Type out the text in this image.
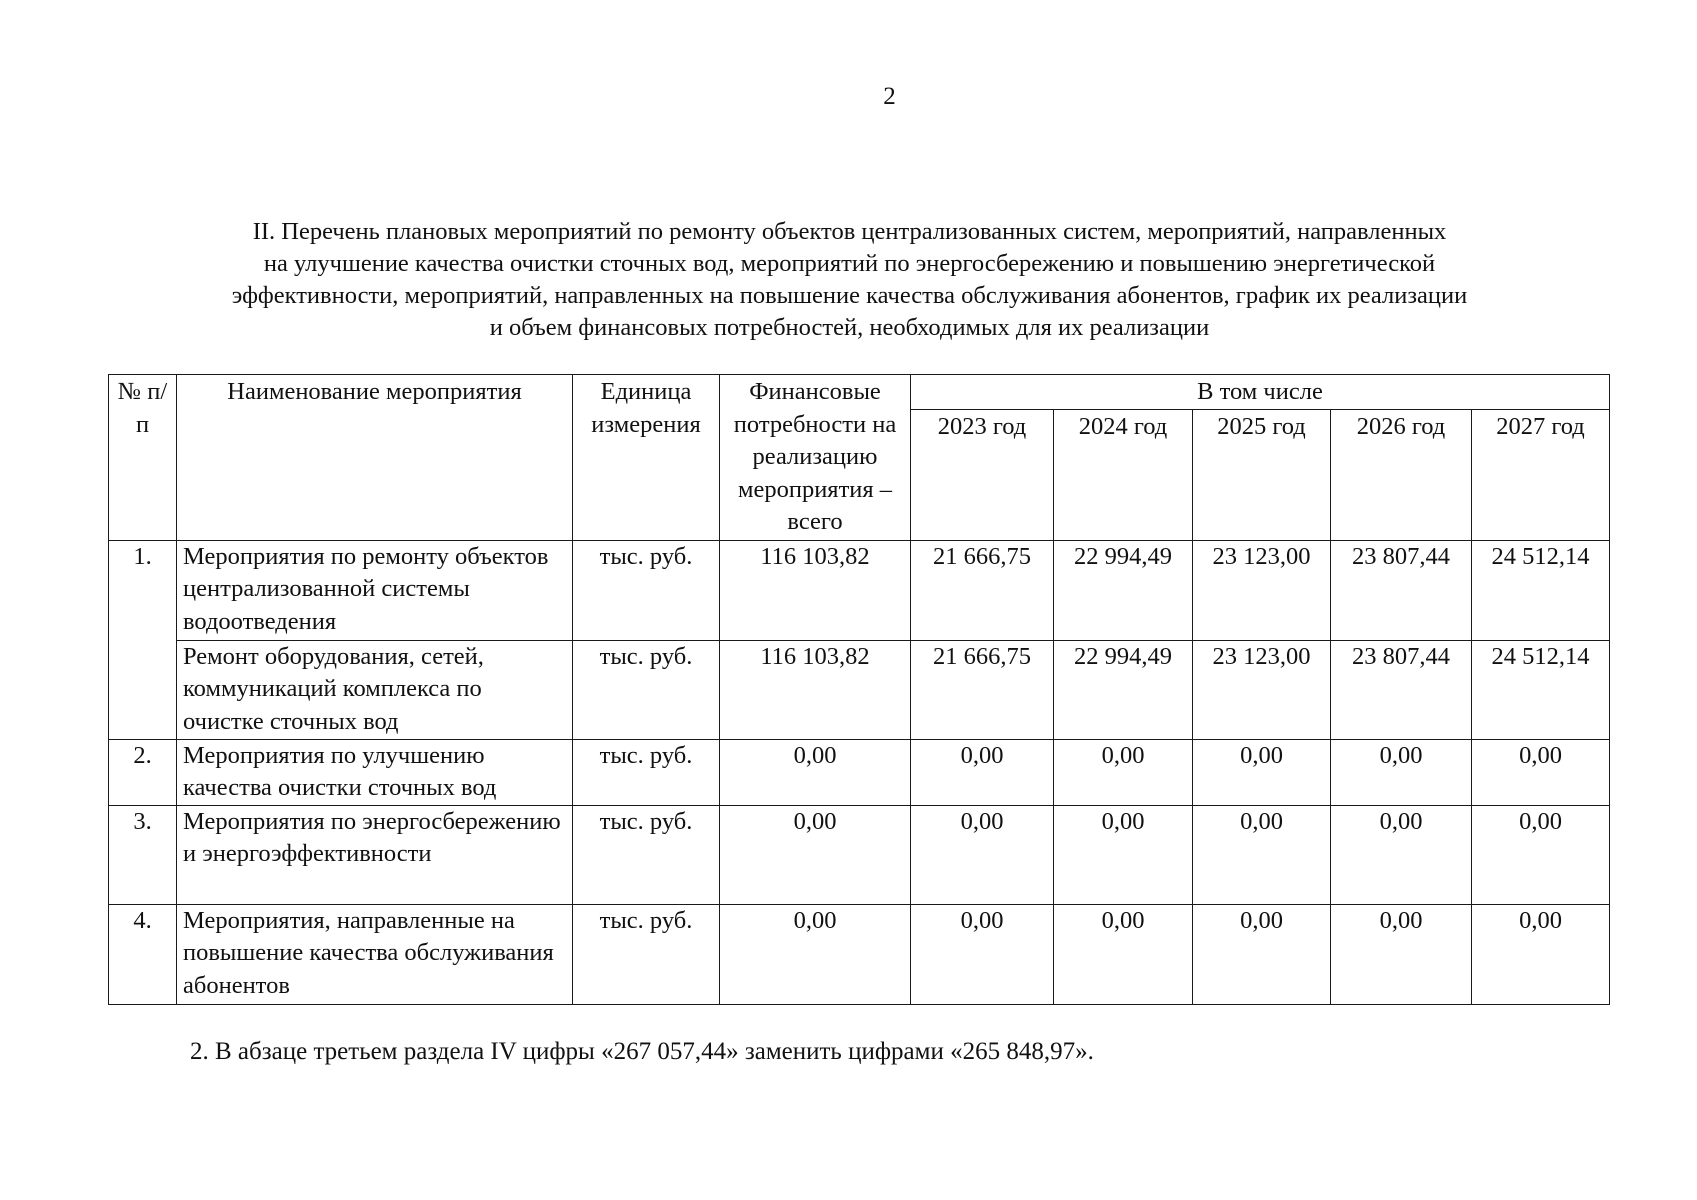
2
II. Перечень плановых мероприятий по ремонту объектов централизованных систем, мероприятий, направленных
на улучшение качества очистки сточных вод, мероприятий по энергосбережению и повышению энергетической
эффективности, мероприятий, направленных на повышение качества обслуживания абонентов, график их реализации
и объем финансовых потребностей, необходимых для их реализации
№ п/п	Наименование мероприятия	Единица измерения	Финансовые потребности на реализацию мероприятия – всего	В том числе				
				2023 год	2024 год	2025 год	2026 год	2027 год
1.	Мероприятия по ремонту объектов централизованной системы водоотведения	тыс. руб.	116 103,82	21 666,75	22 994,49	23 123,00	23 807,44	24 512,14
	Ремонт оборудования, сетей, коммуникаций комплекса по очистке сточных вод	тыс. руб.	116 103,82	21 666,75	22 994,49	23 123,00	23 807,44	24 512,14
2.	Мероприятия по улучшению качества очистки сточных вод	тыс. руб.	0,00	0,00	0,00	0,00	0,00	0,00
3.	Мероприятия по энергосбережению и энергоэффективности	тыс. руб.	0,00	0,00	0,00	0,00	0,00	0,00
4.	Мероприятия, направленные на повышение качества обслуживания абонентов	тыс. руб.	0,00	0,00	0,00	0,00	0,00	0,00
2. В абзаце третьем раздела IV цифры «267 057,44» заменить цифрами «265 848,97».
